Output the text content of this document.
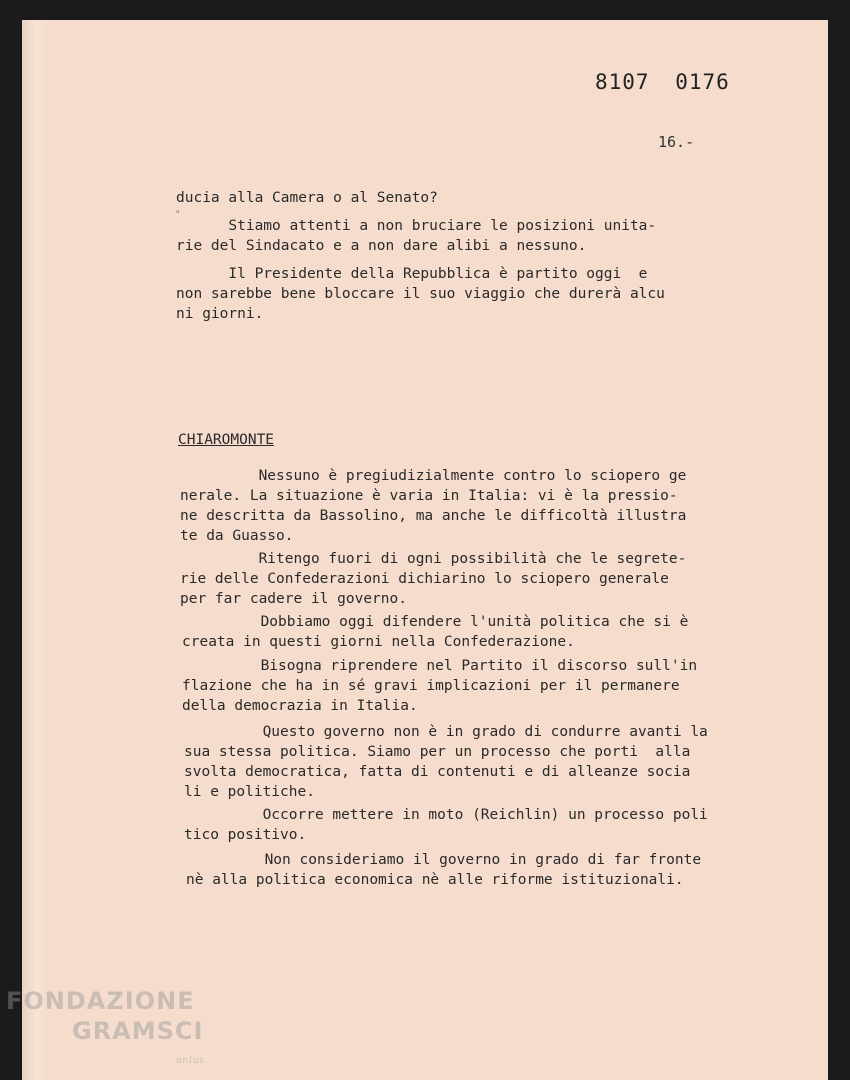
8107 0176
16.-
"
ducia alla Camera o al Senato?
Stiamo attenti a non bruciare le posizioni unita-
rie del Sindacato e a non dare alibi a nessuno.
Il Presidente della Repubblica è partito oggi  e
non sarebbe bene bloccare il suo viaggio che durerà alcu
ni giorni.
CHIAROMONTE
Nessuno è pregiudizialmente contro lo sciopero ge
nerale. La situazione è varia in Italia: vi è la pressio-
ne descritta da Bassolino, ma anche le difficoltà illustra
te da Guasso.
Ritengo fuori di ogni possibilità che le segrete-
rie delle Confederazioni dichiarino lo sciopero generale
per far cadere il governo.
Dobbiamo oggi difendere l'unità politica che si è
creata in questi giorni nella Confederazione.
Bisogna riprendere nel Partito il discorso sull'in
flazione che ha in sé gravi implicazioni per il permanere
della democrazia in Italia.
Questo governo non è in grado di condurre avanti la
sua stessa politica. Siamo per un processo che porti  alla
svolta democratica, fatta di contenuti e di alleanze socia
li e politiche.
Occorre mettere in moto (Reichlin) un processo poli
tico positivo.
Non consideriamo il governo in grado di far fronte
nè alla politica economica nè alle riforme istituzionali.
FONDAZIONE
GRAMSCI
onlus
